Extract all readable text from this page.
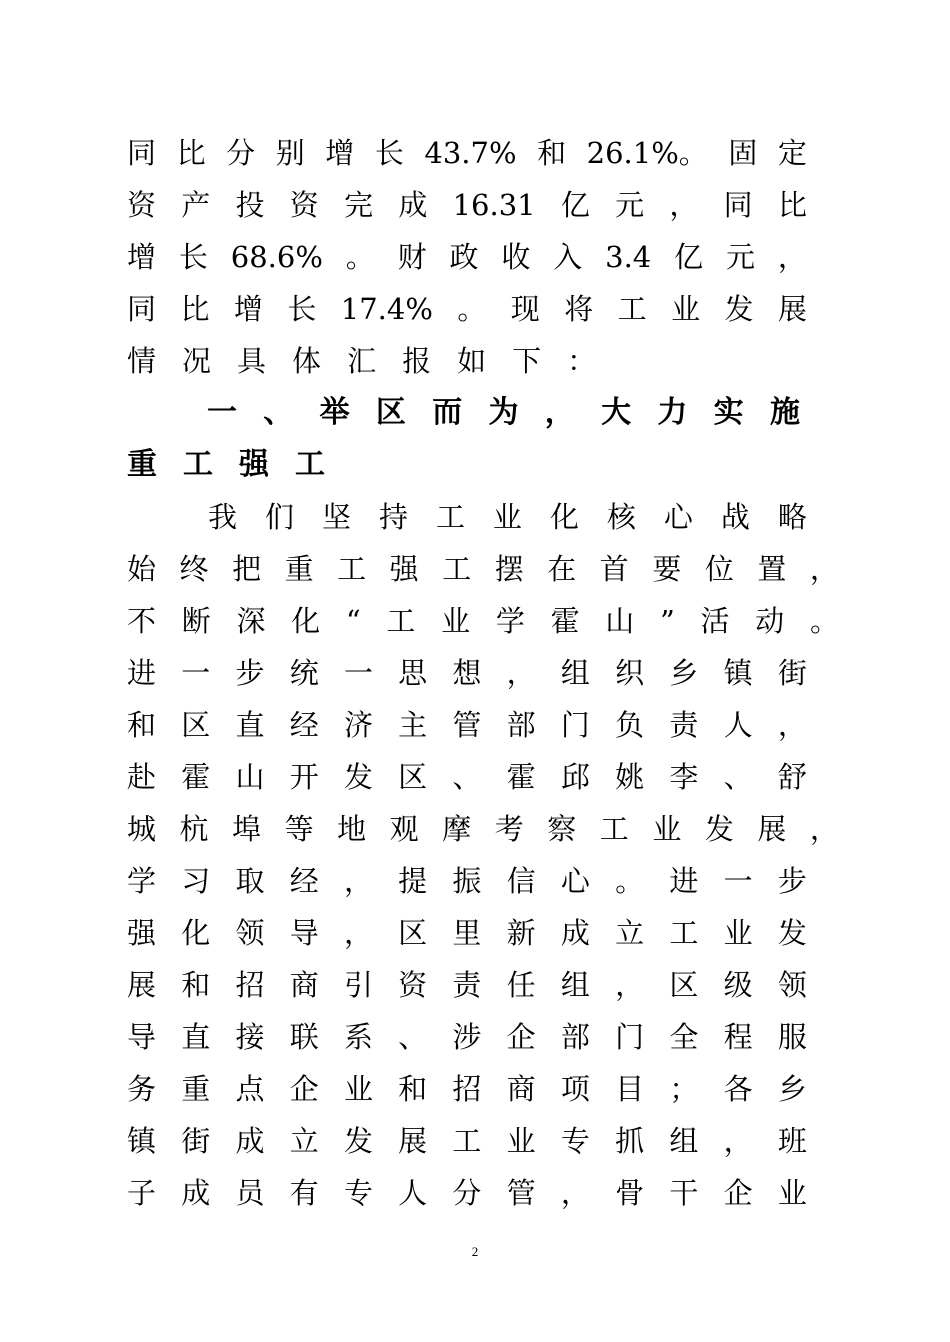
同 比 分 别 增 长 43.7% 和 26.1%。 固 定
资 产 投 资 完 成 16.31 亿 元 ， 同 比
增 长 68.6% 。 财 政 收 入 3.4 亿 元 ，
同 比 增 长 17.4% 。 现 将 工 业 发 展
情 况 具 体 汇 报 如 下 ：
一 、 举 区 而 为 ， 大 力 实 施
重 工 强 工
我 们 坚 持 工 业 化 核 心 战 略
始 终 把 重 工 强 工 摆 在 首 要 位 置 ，
不 断 深 化 “ 工 业 学 霍 山 ” 活 动 。
进 一 步 统 一 思 想 ， 组 织 乡 镇 街
和 区 直 经 济 主 管 部 门 负 责 人 ，
赴 霍 山 开 发 区 、 霍 邱 姚 李 、 舒
城 杭 埠 等 地 观 摩 考 察 工 业 发 展 ，
学 习 取 经 ， 提 振 信 心 。 进 一 步
强 化 领 导 ， 区 里 新 成 立 工 业 发
展 和 招 商 引 资 责 任 组 ， 区 级 领
导 直 接 联 系 、 涉 企 部 门 全 程 服
务 重 点 企 业 和 招 商 项 目 ； 各 乡
镇 街 成 立 发 展 工 业 专 抓 组 ， 班
子 成 员 有 专 人 分 管 ， 骨 干 企 业
2
